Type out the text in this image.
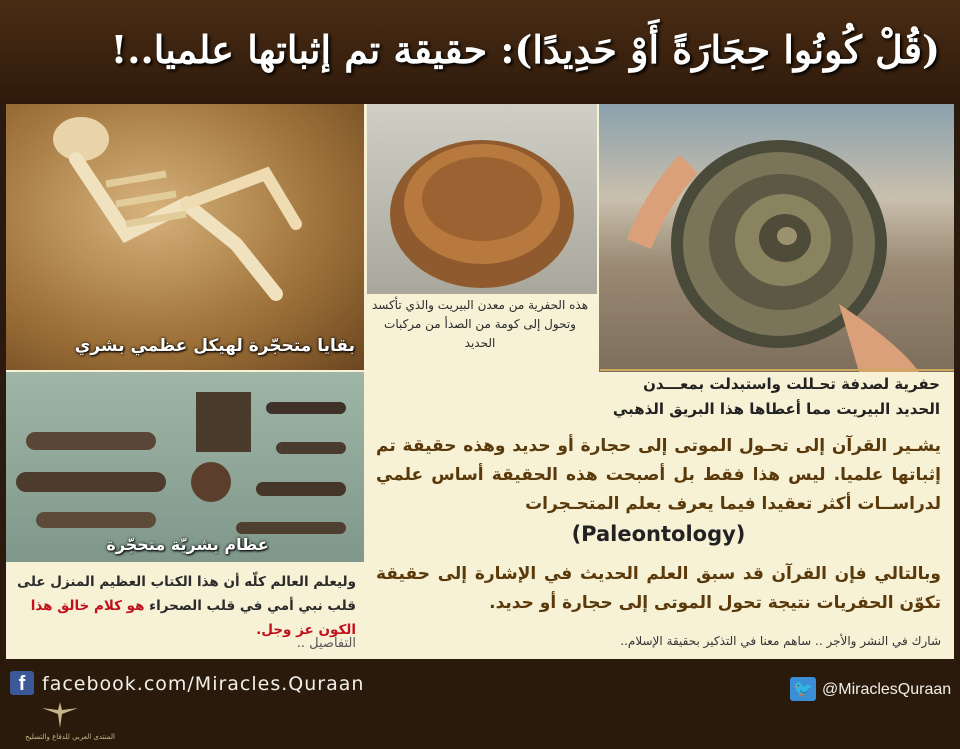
(قُلْ كُونُوا حِجَارَةً أَوْ حَدِيدًا): حقيقة تم إثباتها علميا..!
بقايا متحجّرة لهيكل عظمي بشري
هذه الحفرية من معدن البيريت والذي تأكسد
وتحول إلى كومة من الصدأ من مركبات الحديد
عظام بشريّة متحجّرة
حفرية لصدفة تحـللت واستبدلت بمعـــدن
الحديد البيريت مما أعطاها هذا البريق الذهبي
يشـير القرآن إلى تحـول الموتى إلى حجارة أو حديد وهذه حقيقة تم إثباتها علميا. ليس هذا فقط بل أصبحت هذه الحقيقة أساس علمي لدراســات أكثر تعقيدا فيما يعرف بعلم المتحـجرات
(Paleontology)
وبالتالي فإن القرآن قد سبق العلم الحديث في الإشارة إلى حقيقة تكوّن الحفريات نتيجة تحول الموتى إلى حجارة أو حديد.
شارك في النشر والأجر .. ساهم معنا في التذكير بحقيقة الإسلام..
وليعلم العالم كلّه أن هذا الكتاب العظيم المنزل على قلب نبي أمي في قلب الصحراء هو كلام خالق هذا الكون عز وجل.
التفاصيل ..
f facebook.com/Miracles.Quraan	🐦 @MiraclesQuraan
المنتدى العربي للدفاع والتسليح
